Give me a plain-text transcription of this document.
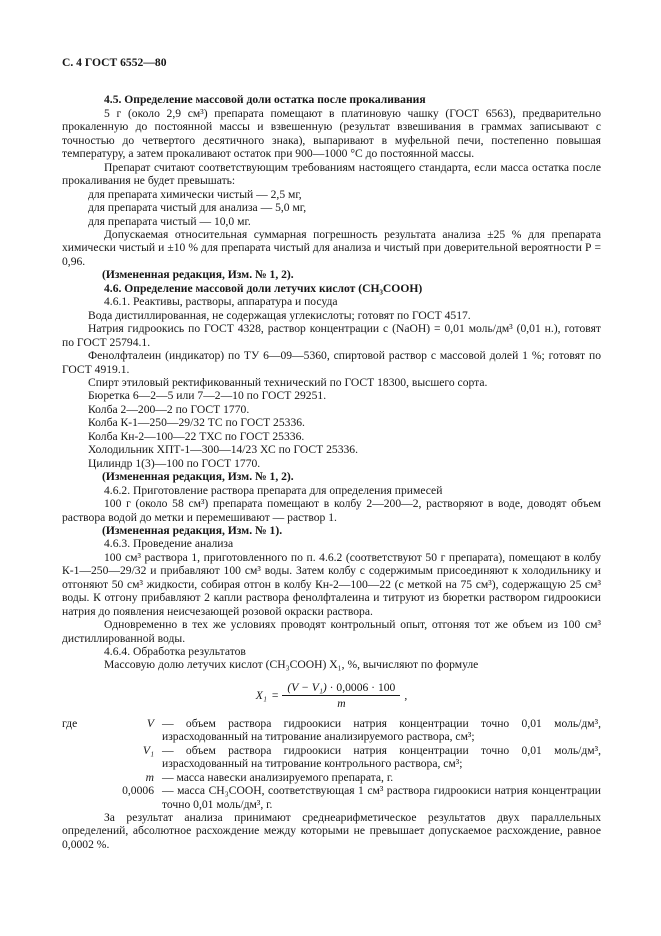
С. 4 ГОСТ 6552—80

4.5. Определение массовой доли остатка после прокаливания

5 г (около 2,9 см³) препарата помещают в платиновую чашку (ГОСТ 6563), предварительно прокаленную до постоянной массы и взвешенную (результат взвешивания в граммах записывают с точностью до четвертого десятичного знака), выпаривают в муфельной печи, постепенно повышая температуру, а затем прокаливают остаток при 900—1000 °С до постоянной массы.

Препарат считают соответствующим требованиям настоящего стандарта, если масса остатка после прокаливания не будет превышать:

для препарата химически чистый — 2,5 мг,

для препарата чистый для анализа — 5,0 мг,

для препарата чистый — 10,0 мг.

Допускаемая относительная суммарная погрешность результата анализа ±25 % для препарата химически чистый и ±10 % для препарата чистый для анализа и чистый при доверительной вероятности Р = 0,96.

(Измененная редакция, Изм. № 1, 2).

4.6. Определение массовой доли летучих кислот (CH₃COOH)

4.6.1. Реактивы, растворы, аппаратура и посуда

Вода дистиллированная, не содержащая углекислоты; готовят по ГОСТ 4517.

Натрия гидроокись по ГОСТ 4328, раствор концентрации с (NaOH) = 0,01 моль/дм³ (0,01 н.), готовят по ГОСТ 25794.1.

Фенолфталеин (индикатор) по ТУ 6—09—5360, спиртовой раствор с массовой долей 1 %; готовят по ГОСТ 4919.1.

Спирт этиловый ректификованный технический по ГОСТ 18300, высшего сорта.

Бюретка 6—2—5 или 7—2—10 по ГОСТ 29251.

Колба 2—200—2 по ГОСТ 1770.

Колба К-1—250—29/32 ТС по ГОСТ 25336.

Колба Кн-2—100—22 ТХС по ГОСТ 25336.

Холодильник ХПТ-1—300—14/23 ХС по ГОСТ 25336.

Цилиндр 1(3)—100 по ГОСТ 1770.

(Измененная редакция, Изм. № 1, 2).

4.6.2. Приготовление раствора препарата для определения примесей

100 г (около 58 см³) препарата помещают в колбу 2—200—2, растворяют в воде, доводят объем раствора водой до метки и перемешивают — раствор 1.

(Измененная редакция, Изм. № 1).

4.6.3. Проведение анализа

100 см³ раствора 1, приготовленного по п. 4.6.2 (соответствуют 50 г препарата), помещают в колбу К-1—250—29/32 и прибавляют 100 см³ воды. Затем колбу с содержимым присоединяют к холодильнику и отгоняют 50 см³ жидкости, собирая отгон в колбу Кн-2—100—22 (с меткой на 75 см³), содержащую 25 см³ воды. К отгону прибавляют 2 капли раствора фенолфталеина и титруют из бюретки раствором гидроокиси натрия до появления неисчезающей розовой окраски раствора.

Одновременно в тех же условиях проводят контрольный опыт, отгоняя тот же объем из 100 см³ дистиллированной воды.

4.6.4. Обработка результатов

Массовую долю летучих кислот (CH₃COOH) X₁, %, вычисляют по формуле

$X_1 = \frac{\text{(V − V₁) · 0,0006 · 100}}{m}$ ,
где	V — объем раствора гидроокиси натрия концентрации точно 0,01 моль/дм³, израсходованный на титрование анализируемого раствора, см³;
V₁ — объем раствора гидроокиси натрия концентрации точно 0,01 моль/дм³, израсходованный на титрование контрольного раствора, см³;
m — масса навески анализируемого препарата, г.
0,0006 — масса CH₃COOH, соответствующая 1 см³ раствора гидроокиси натрия концентрации точно 0,01 моль/дм³, г.

За результат анализа принимают среднеарифметическое результатов двух параллельных определений, абсолютное расхождение между которыми не превышает допускаемое расхождение, равное 0,0002 %.
